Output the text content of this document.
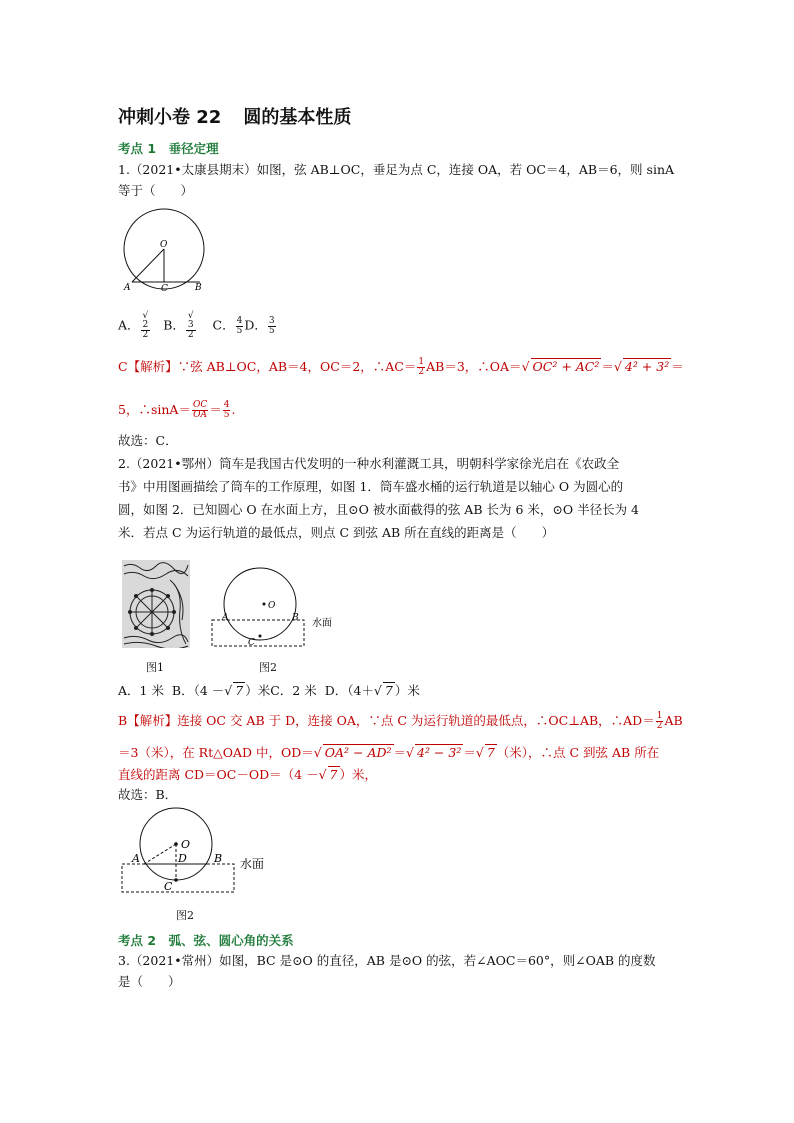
冲刺小卷 22 圆的基本性质
考点 1　 垂径定理
1.（2021•太康县期末）如图，弦 AB⊥OC，垂足为点 C，连接 OA，若 OC＝4，AB＝6，则 sinA
等于（　　）
O
A	C	B
A． √
2
2 B． √
3
2 C． $\frac{4}{5}$ D． $\frac{3}{5}$
C【解析】∵弦 AB⊥OC，AB＝4，OC＝2，∴AC＝ $\frac{1}{2} AB=3$，∴OA＝√ OC² + AC² ＝√ 4² + 3² ＝
5，∴sinA＝ $\frac{OC}{OA} = \frac{4}{5}$ .
故选：C．
2.（2021•鄂州）筒车是我国古代发明的一种水利灌溉工具，明朝科学家徐光启在《农政全
书》中用图画描绘了筒车的工作原理，如图 1．筒车盛水桶的运行轨道是以轴心 O 为圆心的
圆，如图 2．已知圆心 O 在水面上方，且⊙O 被水面截得的弦 AB 长为 6 米，⊙O 半径长为 4
米．若点 C 为运行轨道的最低点，则点 C 到弦 AB 所在直线的距离是（　　）
图1
O
A	B
C
水面
图2
A．1 米 B．（4 －√ 7 ）米C．2 米 D．（4＋√ 7 ）米
B【解析】连接 OC 交 AB 于 D，连接 OA，∵点 C 为运行轨道的最低点，∴OC⊥AB，∴AD＝ $\frac{1}{2}$ AB
＝3（米），在 Rt△OAD 中，OD＝√ OA² − AD² ＝√ 4² − 3² ＝√ 7 （米），∴点 C 到弦 AB 所在
直线的距离 CD＝OC－OD＝（4 －√ 7 ）米，
故选：B．
O
A	B
D
C
水面
图2
考点 2　 弧、弦、圆心角的关系
3.（2021•常州）如图，BC 是⊙O 的直径，AB 是⊙O 的弦，若∠AOC＝60°，则∠OAB 的度数
是（　　）
